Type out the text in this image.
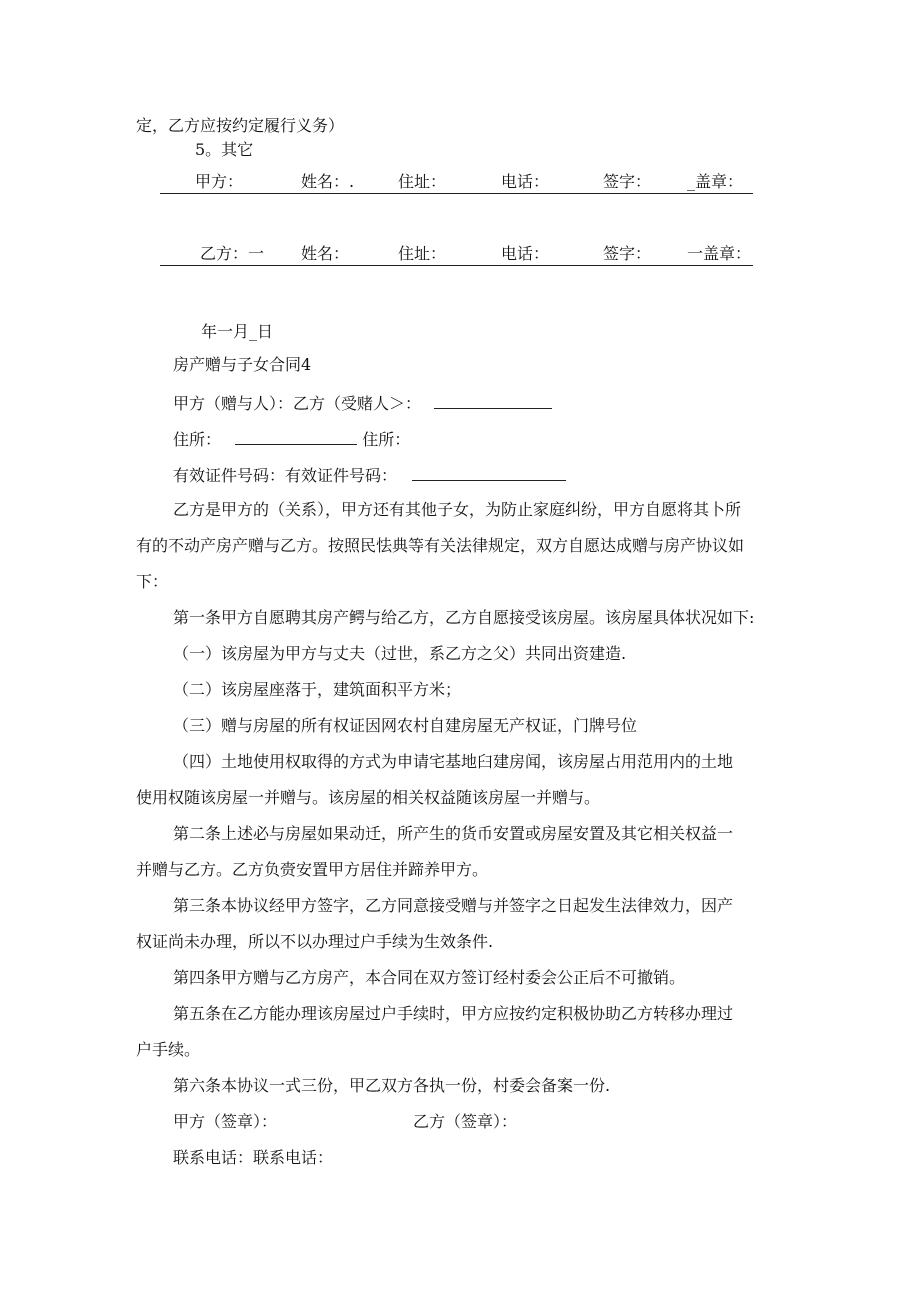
定，乙方应按约定履行义务）
5。其它
甲方：	姓名：.	住址：	电话：	签字： _盖章：
乙方：一 姓名：	住址：	电话：	签字： 一盖章：
年一月_日
房产赠与子女合同4
甲方（赠与人）：乙方（受赌人＞：
住所：	住所：
有效证件号码：有效证件号码：
乙方是甲方的（关系），甲方还有其他子女，为防止家庭纠纷，甲方自愿将其卜所
有的不动产房产赠与乙方。按照民怯典等有关法律规定，双方自愿达成赠与房产协议如
下：
第一条甲方自愿聘其房产鳄与给乙方，乙方自愿接受该房屋。该房屋具体状况如下:
（一）该房屋为甲方与丈夫（过世，系乙方之父）共同出资建造.
（二）该房屋座落于，建筑面积平方米；
（三）赠与房屋的所有权证因网农村自建房屋无产权证，门牌号位
（四）土地使用权取得的方式为申请宅基地臼建房闻，该房屋占用范用内的土地
使用权随该房屋一并赠与。该房屋的相关权益随该房屋一并赠与。
第二条上述必与房屋如果动迁，所产生的货币安置或房屋安置及其它相关权益一
并赠与乙方。乙方负赍安置甲方居住并蹄养甲方。
第三条本协议经甲方签字，乙方同意接受赠与并签字之日起发生法律效力，因产
权证尚未办理，所以不以办理过户手续为生效条件.
第四条甲方赠与乙方房产，本合同在双方签订经村委会公正后不可撤销。
第五条在乙方能办理该房屋过户手续时，甲方应按约定积极协助乙方转移办理过
户手续。
第六条本协议一式三份，甲乙双方各执一份，村委会备案一份.
甲方（签章）：	乙方（签章）：
联系电话：联系电话：
